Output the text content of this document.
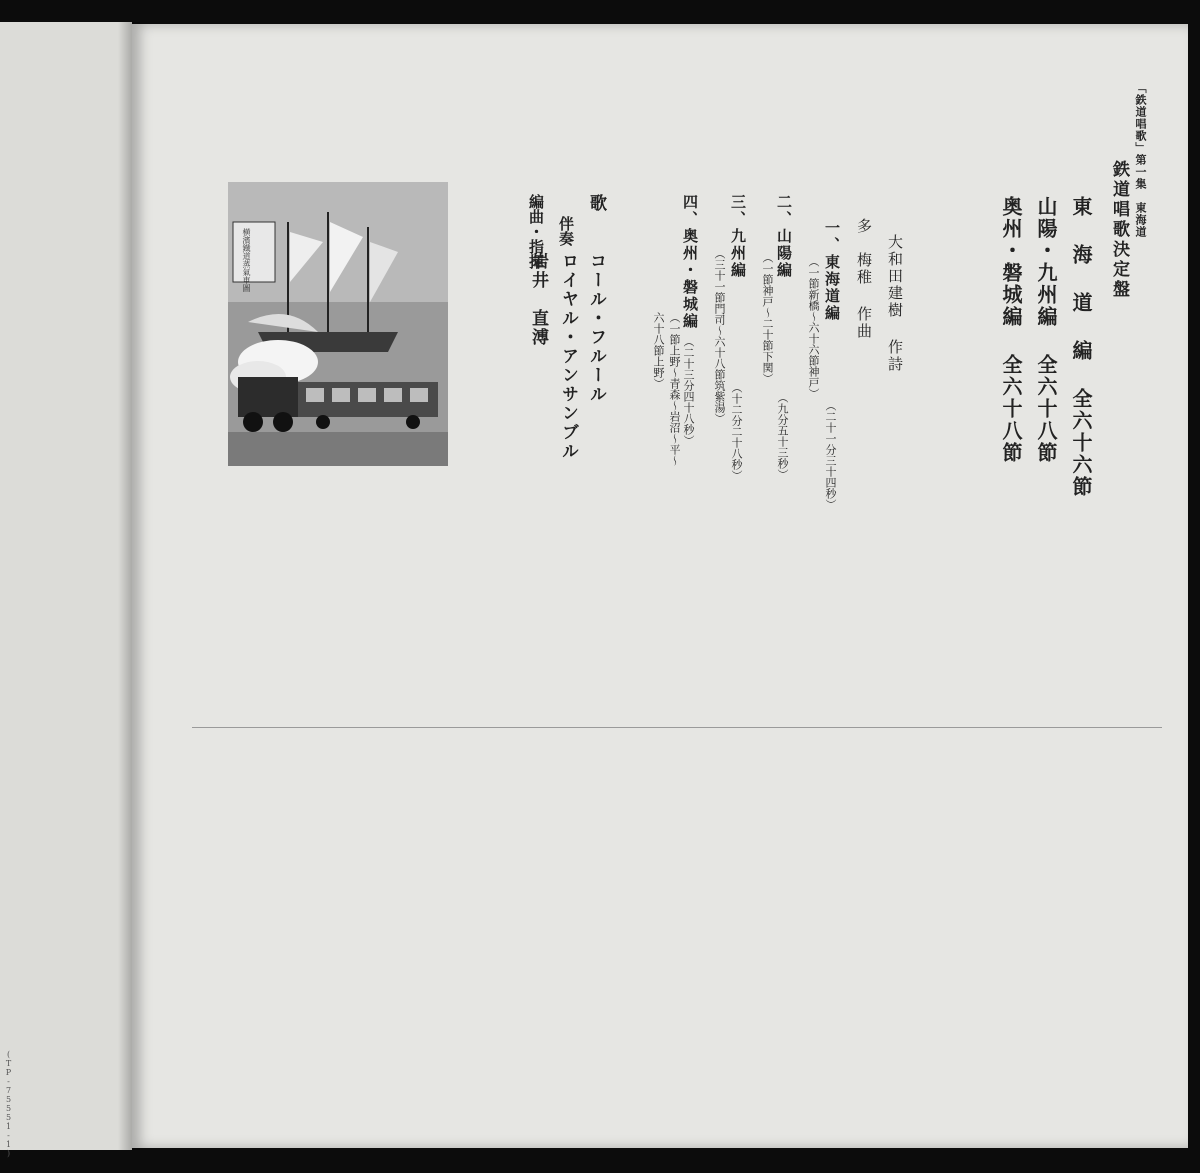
鉄道唱歌決定盤
東 海 道 編全六十六節
山陽・九州編全六十八節
奥州・磐城編全六十八節
大和田建樹 作詩
多　梅稚 作曲
一、東海道編
（一節新橋〜六十六節神戸）
（二十一分三十四秒）
二、山陽編
（一節神戸〜二十節下関）
（九分五十三秒）
三、九州編
（三十一節門司〜六十八節筑紫湯）
（十二分二十八秒）
四、奥州・磐城編
（一節上野〜青森〜岩沼〜平〜六十八節上野）	（二十三分四十八秒）
歌
コール・フルール
伴奏
ロイヤル・アンサンブル
編曲・指揮
岩井　直溥
横濱鐡道蒸氣車圖
「鉄道唱歌」第一集　東海道
(TP-75551-1)
